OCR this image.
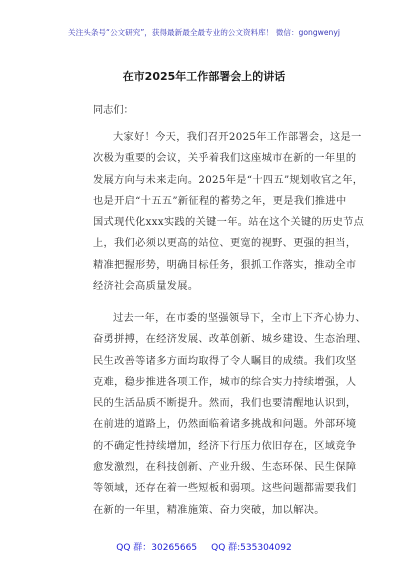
关注头条号“公文研究”，获得最新最全最专业的公文资料库！ 微信：gongwenyj
在市2025年工作部署会上的讲话
同志们：
大家好！今天，我们召开2025年工作部署会，这是一
次极为重要的会议，关乎着我们这座城市在新的一年里的
发展方向与未来走向。2025年是“十四五”规划收官之年，
也是开启“十五五”新征程的蓄势之年，更是我们推进中
国式现代化xxx实践的关键一年。站在这个关键的历史节点
上，我们必须以更高的站位、更宽的视野、更强的担当，
精准把握形势，明确目标任务，狠抓工作落实，推动全市
经济社会高质量发展。
过去一年，在市委的坚强领导下，全市上下齐心协力、
奋勇拼搏，在经济发展、改革创新、城乡建设、生态治理、
民生改善等诸多方面均取得了令人瞩目的成绩。我们攻坚
克难，稳步推进各项工作，城市的综合实力持续增强，人
民的生活品质不断提升。然而，我们也要清醒地认识到，
在前进的道路上，仍然面临着诸多挑战和问题。外部环境
的不确定性持续增加，经济下行压力依旧存在，区域竞争
愈发激烈，在科技创新、产业升级、生态环保、民生保障
等领域，还存在着一些短板和弱项。这些问题都需要我们
在新的一年里，精准施策、奋力突破，加以解决。
QQ 群：30265665 QQ 群:535304092
